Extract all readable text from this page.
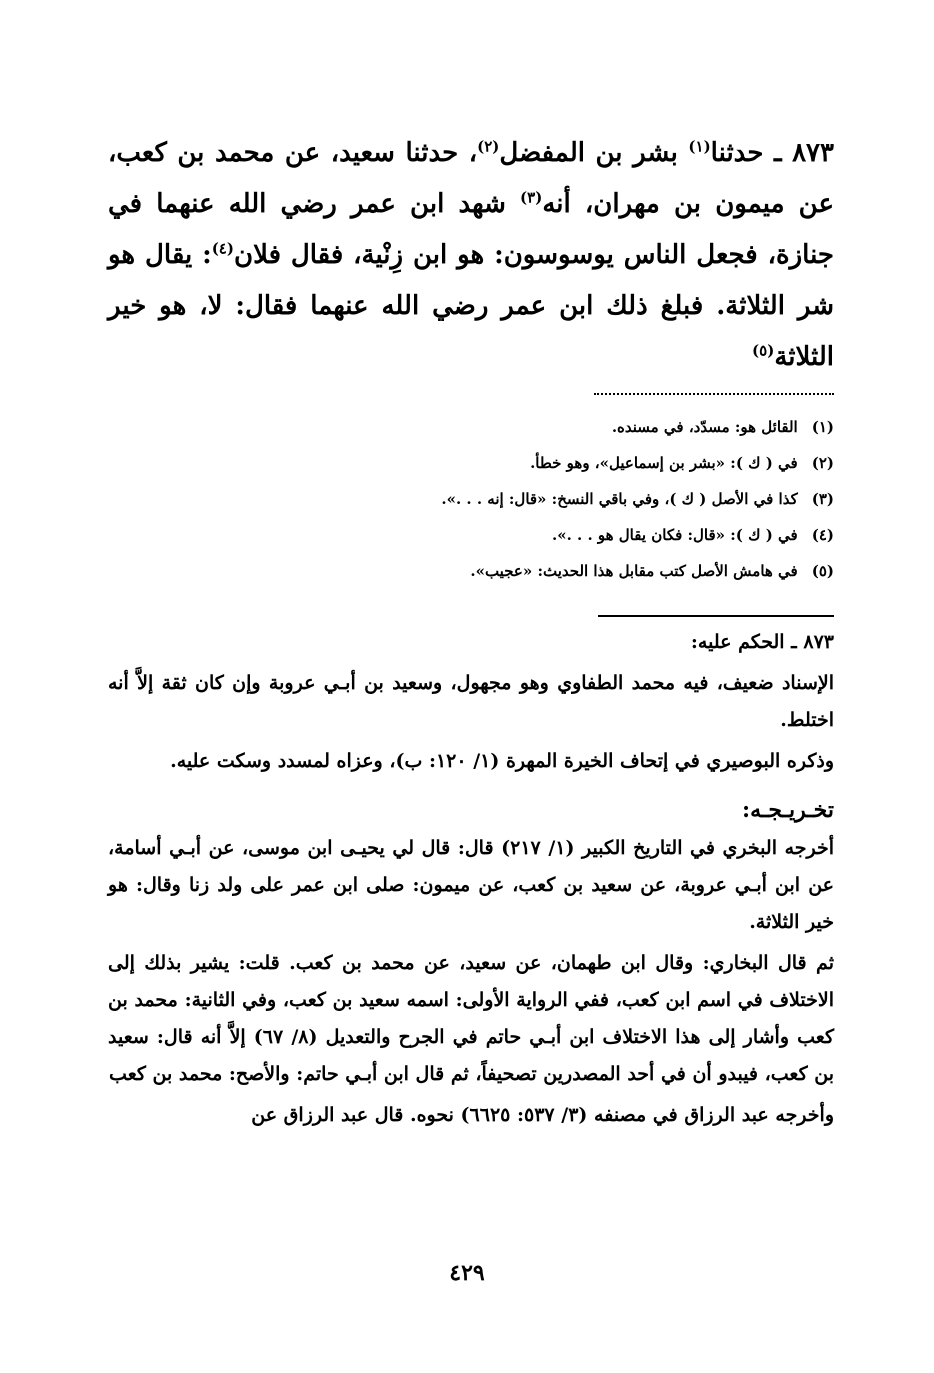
٨٧٣ ـ حدثنا$^{(١)}$ بشر بن المفضل$^{(٢)}$، حدثنا سعيد، عن محمد بن كعب، عن ميمون بن مهران، أنه$^{(٣)}$ شهد ابن عمر رضي الله عنهما في جنازة، فجعل الناس يوسوسون: هو ابن زِنْية، فقال فلان$^{(٤)}$: يقال هو شر الثلاثة. فبلغ ذلك ابن عمر رضي الله عنهما فقال: لا، هو خير الثلاثة$^{(٥)}$

(١)القائل هو: مسدّد، في مسنده.
(٢)في ( ك ): «بشر بن إسماعيل»، وهو خطأ.
(٣)كذا في الأصل ( ك )، وفي باقي النسخ: «قال: إنه . . .».
(٤)في ( ك ): «قال: فكان يقال هو . . .».
(٥)في هامش الأصل كتب مقابل هذا الحديث: «عجيب».
٨٧٣ ـ الحكم عليه:

الإسناد ضعيف، فيه محمد الطفاوي وهو مجهول، وسعيد بن أبـي عروبة وإن كان ثقة إلاَّ أنه اختلط.

وذكره البوصيري في إتحاف الخيرة المهرة (١/ ١٢٠: ب)، وعزاه لمسدد وسكت عليه.

تخـريـجـه:

أخرجه البخري في التاريخ الكبير (١/ ٢١٧) قال: قال لي يحيـى ابن موسى، عن أبـي أسامة، عن ابن أبـي عروبة، عن سعيد بن كعب، عن ميمون: صلى ابن عمر على ولد زنا وقال: هو خير الثلاثة.

ثم قال البخاري: وقال ابن طهمان، عن سعيد، عن محمد بن كعب. قلت: يشير بذلك إلى الاختلاف في اسم ابن كعب، ففي الرواية الأولى: اسمه سعيد بن كعب، وفي الثانية: محمد بن كعب وأشار إلى هذا الاختلاف ابن أبـي حاتم في الجرح والتعديل (٨/ ٦٧) إلاَّ أنه قال: سعيد بن كعب، فيبدو أن في أحد المصدرين تصحيفاً، ثم قال ابن أبـي حاتم: والأصح: محمد بن كعب

وأخرجه عبد الرزاق في مصنفه (٣/ ٥٣٧: ٦٦٢٥) نحوه. قال عبد الرزاق عن

٤٢٩
